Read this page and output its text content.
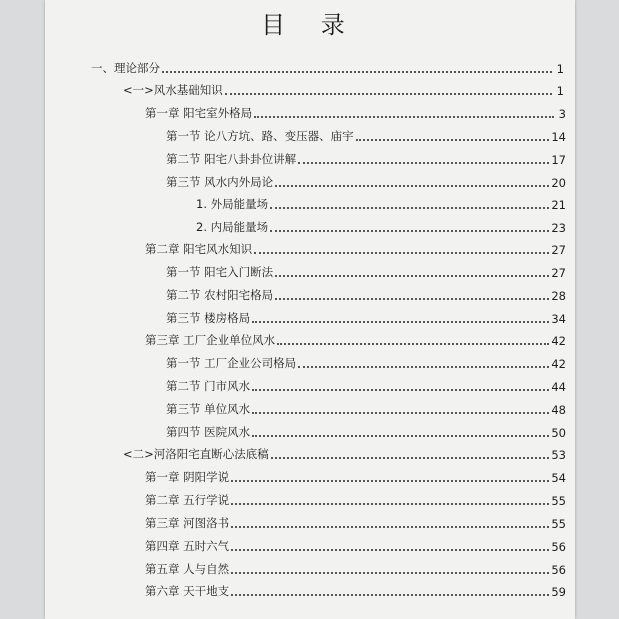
目 录
一、理论部分	1
<一>风水基础知识	1
第一章 阳宅室外格局	3
第一节 论八方坑、路、变压器、庙宇	14
第二节 阳宅八卦卦位讲解	17
第三节 风水内外局论	20
1. 外局能量场	21
2. 内局能量场	23
第二章 阳宅风水知识	27
第一节 阳宅入门断法	27
第二节 农村阳宅格局	28
第三节 楼房格局	34
第三章 工厂企业单位风水	42
第一节 工厂企业公司格局	42
第二节 门市风水	44
第三节 单位风水	48
第四节 医院风水	50
<二>河洛阳宅直断心法底稿	53
第一章 阴阳学说	54
第二章 五行学说	55
第三章 河图洛书	55
第四章 五时六气	56
第五章 人与自然	56
第六章 天干地支	59
